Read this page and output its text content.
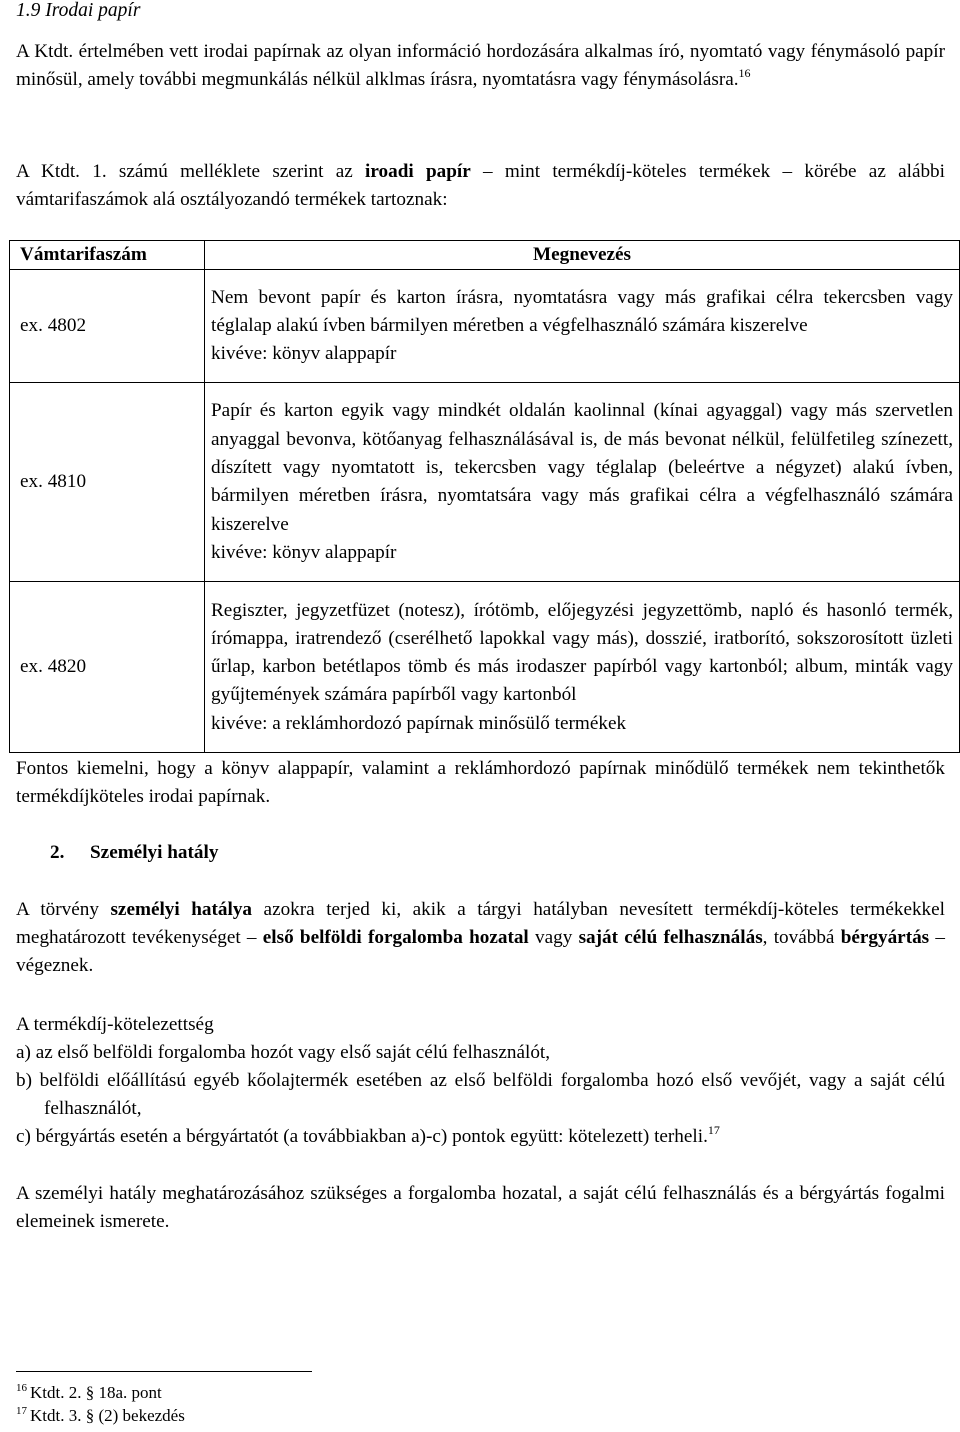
1.9 Irodai papír

A Ktdt. értelmében vett irodai papírnak az olyan információ hordozására alkalmas író, nyomtató vagy fénymásoló papír minősül, amely további megmunkálás nélkül alklmas írásra, nyomtatásra vagy fénymásolásra.$^{16}$

A Ktdt. 1. számú melléklete szerint az iroadi papír – mint termékdíj-köteles termékek – körébe az alábbi vámtarifaszámok alá osztályozandó termékek tartoznak:

Vámtarifaszám	Megnevezés
ex. 4802	Nem bevont papír és karton írásra, nyomtatásra vagy más grafikai célra tekercsben vagy téglalap alakú ívben bármilyen méretben a végfelhasználó számára kiszerelve
kivéve: könyv alappapír

ex. 4810	Papír és karton egyik vagy mindkét oldalán kaolinnal (kínai agyaggal) vagy más szervetlen anyaggal bevonva, kötőanyag felhasználásával is, de más bevonat nélkül, felülfetileg színezett, díszített vagy nyomtatott is, tekercsben vagy téglalap (beleértve a négyzet) alakú ívben, bármilyen méretben írásra, nyomtatsára vagy más grafikai célra a végfelhasználó számára kiszerelve
kivéve: könyv alappapír

ex. 4820	Regiszter, jegyzetfüzet (notesz), írótömb, előjegyzési jegyzettömb, napló és hasonló termék, írómappa, iratrendező (cserélhető lapokkal vagy más), dosszié, iratborító, sokszorosított üzleti űrlap, karbon betétlapos tömb és más irodaszer papírból vagy kartonból; album, minták vagy gyűjtemények számára papírből vagy kartonból
kivéve: a reklámhordozó papírnak minősülő termékek

Fontos kiemelni, hogy a könyv alappapír, valamint a reklámhordozó papírnak minődülő termékek nem tekinthetők termékdíjköteles irodai papírnak.

2. Személyi hatály

A törvény személyi hatálya azokra terjed ki, akik a tárgyi hatályban nevesített termékdíj-köteles termékekkel meghatározott tevékenységet – első belföldi forgalomba hozatal vagy saját célú felhasználás, továbbá bérgyártás – végeznek.

A termékdíj-kötelezettség
a) az első belföldi forgalomba hozót vagy első saját célú felhasználót,
b) belföldi előállítású egyéb kőolajtermék esetében az első belföldi forgalomba hozó első vevőjét, vagy a saját célú felhasználót,
c) bérgyártás esetén a bérgyártatót (a továbbiakban a)-c) pontok együtt: kötelezett) terheli.$^{17}$

A személyi hatály meghatározásához szükséges a forgalomba hozatal, a saját célú felhasználás és a bérgyártás fogalmi elemeinek ismerete.

$^{16}$ Ktdt. 2. § 18a. pont
$^{17}$ Ktdt. 3. § (2) bekezdés
